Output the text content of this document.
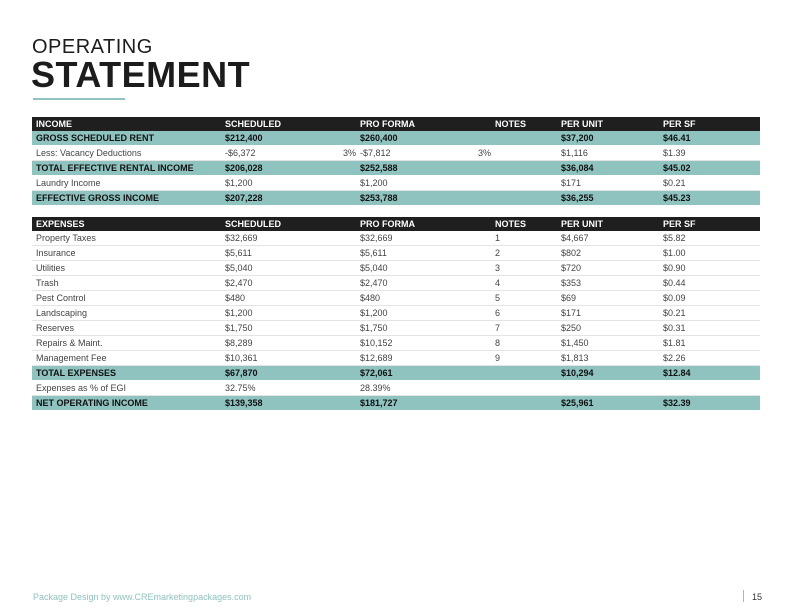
OPERATING
STATEMENT
INCOME	SCHEDULED		PRO FORMA		NOTES	PER UNIT	PER SF
GROSS SCHEDULED RENT	$212,400		$260,400			$37,200	$46.41
Less: Vacancy Deductions	-$6,372	3%	-$7,812	3%		$1,116	$1.39
TOTAL EFFECTIVE RENTAL INCOME	$206,028		$252,588			$36,084	$45.02
Laundry Income	$1,200		$1,200			$171	$0.21
EFFECTIVE GROSS INCOME	$207,228		$253,788			$36,255	$45.23
EXPENSES	SCHEDULED		PRO FORMA		NOTES	PER UNIT	PER SF
Property Taxes	$32,669		$32,669		1	$4,667	$5.82
Insurance	$5,611		$5,611		2	$802	$1.00
Utilities	$5,040		$5,040		3	$720	$0.90
Trash	$2,470		$2,470		4	$353	$0.44
Pest Control	$480		$480		5	$69	$0.09
Landscaping	$1,200		$1,200		6	$171	$0.21
Reserves	$1,750		$1,750		7	$250	$0.31
Repairs & Maint.	$8,289		$10,152		8	$1,450	$1.81
Management Fee	$10,361		$12,689		9	$1,813	$2.26
TOTAL EXPENSES	$67,870		$72,061			$10,294	$12.84
Expenses as % of EGI	32.75%		28.39%				
NET OPERATING INCOME	$139,358		$181,727			$25,961	$32.39
Package Design by www.CREmarketingpackages.com	15
